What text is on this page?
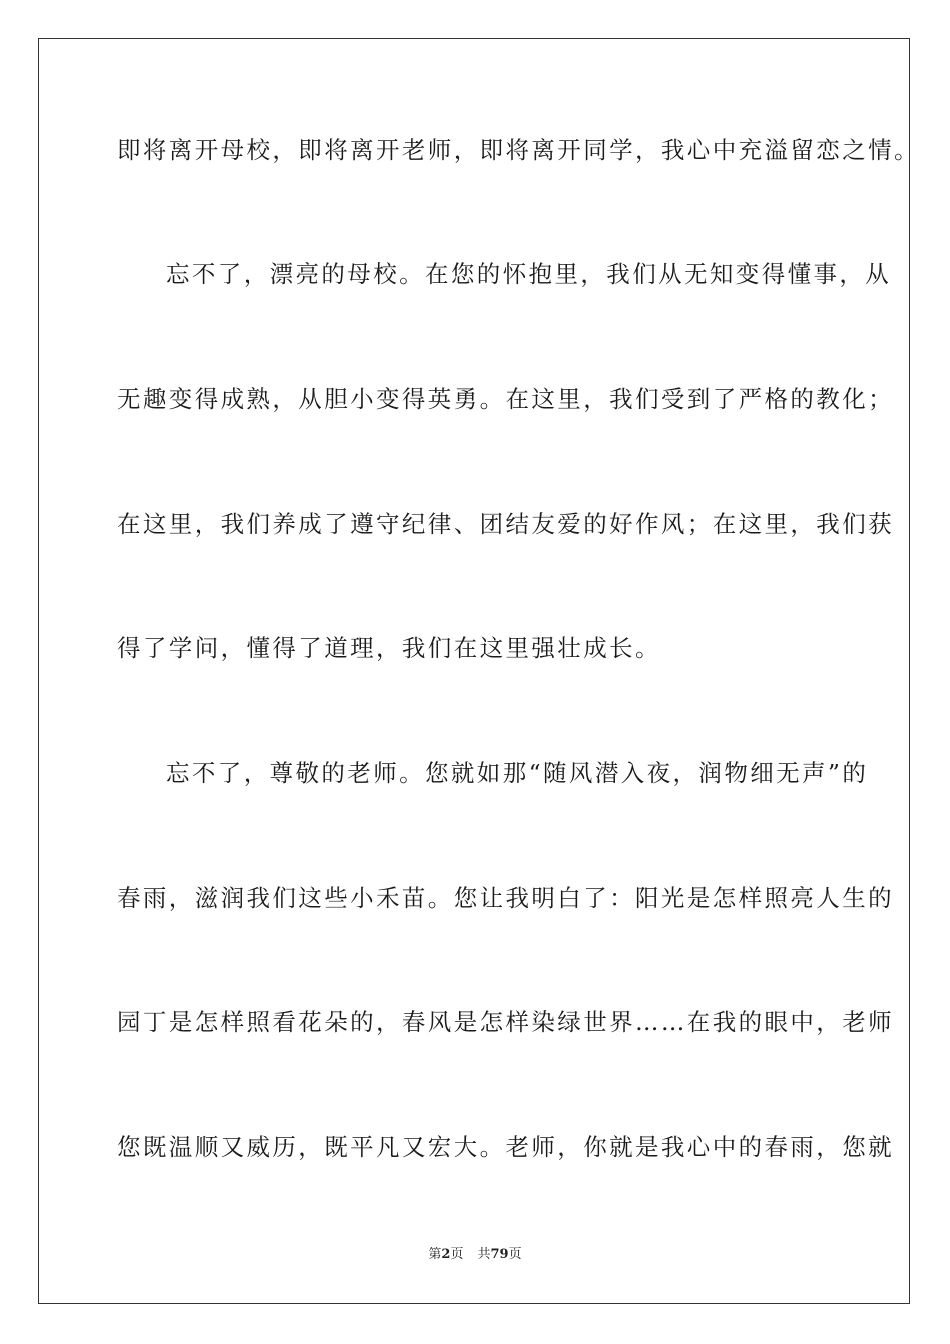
即将离开母校，即将离开老师，即将离开同学，我心中充溢留恋之情。
忘不了，漂亮的母校。在您的怀抱里，我们从无知变得懂事，从
无趣变得成熟，从胆小变得英勇。在这里，我们受到了严格的教化；
在这里，我们养成了遵守纪律、团结友爱的好作风；在这里，我们获
得了学问，懂得了道理，我们在这里强壮成长。
忘不了，尊敬的老师。您就如那“随风潜入夜，润物细无声”的
春雨，滋润我们这些小禾苗。您让我明白了：阳光是怎样照亮人生的
园丁是怎样照看花朵的，春风是怎样染绿世界……在我的眼中，老师
您既温顺又威历，既平凡又宏大。老师，你就是我心中的春雨，您就
第2页 共79页
